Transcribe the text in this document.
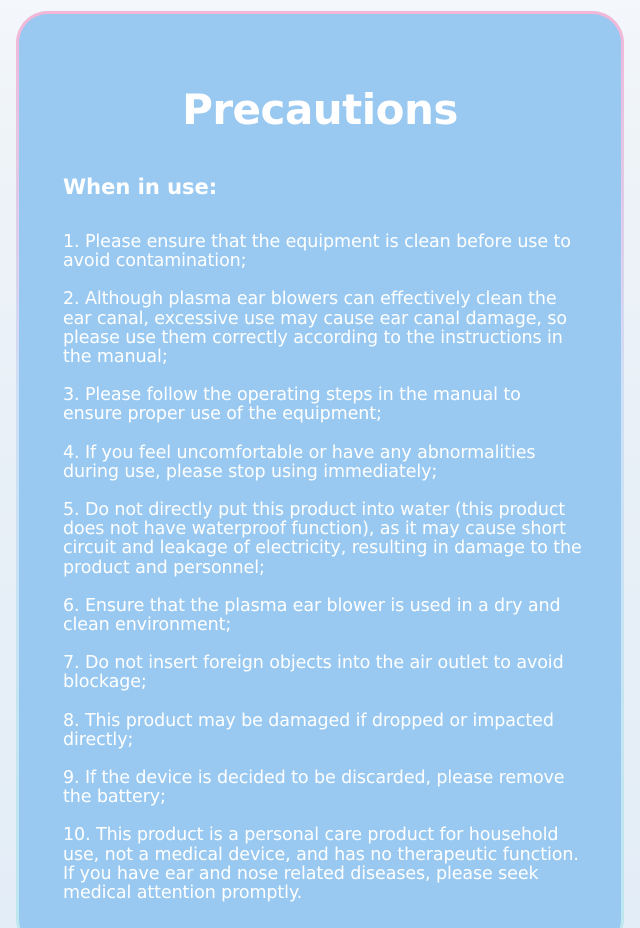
Precautions
When in use:
1. Please ensure that the equipment is clean before use to avoid contamination;
2. Although plasma ear blowers can effectively clean the ear canal, excessive use may cause ear canal damage, so please use them correctly according to the instructions in the manual;
3. Please follow the operating steps in the manual to ensure proper use of the equipment;
4. If you feel uncomfortable or have any abnormalities during use, please stop using immediately;
5. Do not directly put this product into water (this product does not have waterproof function), as it may cause short circuit and leakage of electricity, resulting in damage to the product and personnel;
6. Ensure that the plasma ear blower is used in a dry and clean environment;
7. Do not insert foreign objects into the air outlet to avoid blockage;
8. This product may be damaged if dropped or impacted directly;
9. If the device is decided to be discarded, please remove the battery;
10. This product is a personal care product for household use, not a medical device, and has no therapeutic function. If you have ear and nose related diseases, please seek medical attention promptly.
